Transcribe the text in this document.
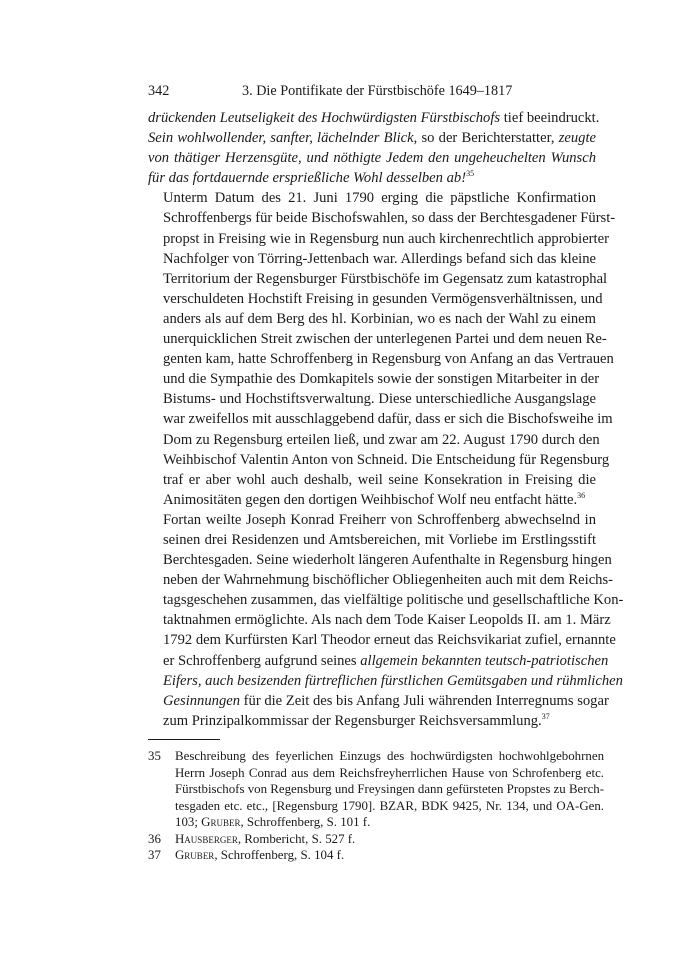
342	3. Die Pontifikate der Fürstbischöfe 1649–1817

drückenden Leutseligkeit des Hochwürdigsten Fürstbischofs tief beeindruckt.
Sein wohlwollender, sanfter, lächelnder Blick, so der Berichterstatter, zeugte
von thätiger Herzensgüte, und nöthigte Jedem den ungeheuchelten Wunsch
für das fortdauernde ersprießliche Wohl desselben ab!$^{35}$

Unterm Datum des 21. Juni 1790 erging die päpstliche Konfirmation
Schroffenbergs für beide Bischofswahlen, so dass der Berchtesgadener Fürst-
propst in Freising wie in Regensburg nun auch kirchenrechtlich approbierter
Nachfolger von Törring-Jettenbach war. Allerdings befand sich das kleine
Territorium der Regensburger Fürstbischöfe im Gegensatz zum katastrophal
verschuldeten Hochstift Freising in gesunden Vermögensverhältnissen, und
anders als auf dem Berg des hl. Korbinian, wo es nach der Wahl zu einem
unerquicklichen Streit zwischen der unterlegenen Partei und dem neuen Re-
genten kam, hatte Schroffenberg in Regensburg von Anfang an das Vertrauen
und die Sympathie des Domkapitels sowie der sonstigen Mitarbeiter in der
Bistums- und Hochstiftsverwaltung. Diese unterschiedliche Ausgangslage
war zweifellos mit ausschlaggebend dafür, dass er sich die Bischofsweihe im
Dom zu Regensburg erteilen ließ, und zwar am 22. August 1790 durch den
Weihbischof Valentin Anton von Schneid. Die Entscheidung für Regensburg
traf er aber wohl auch deshalb, weil seine Konsekration in Freising die
Animositäten gegen den dortigen Weihbischof Wolf neu entfacht hätte.$^{36}$

Fortan weilte Joseph Konrad Freiherr von Schroffenberg abwechselnd in
seinen drei Residenzen und Amtsbereichen, mit Vorliebe im Erstlingsstift
Berchtesgaden. Seine wiederholt längeren Aufenthalte in Regensburg hingen
neben der Wahrnehmung bischöflicher Obliegenheiten auch mit dem Reichs-
tagsgeschehen zusammen, das vielfältige politische und gesellschaftliche Kon-
taktnahmen ermöglichte. Als nach dem Tode Kaiser Leopolds II. am 1. März
1792 dem Kurfürsten Karl Theodor erneut das Reichsvikariat zufiel, ernannte
er Schroffenberg aufgrund seines allgemein bekannten teutsch-patriotischen
Eifers, auch besizenden fürtreflichen fürstlichen Gemütsgaben und rühmlichen
Gesinnungen für die Zeit des bis Anfang Juli währenden Interregnums sogar
zum Prinzipalkommissar der Regensburger Reichsversammlung.$^{37}$

35	Beschreibung des feyerlichen Einzugs des hochwürdigsten hochwohlgebohrnen
Herrn Joseph Conrad aus dem Reichsfreyherrlichen Hause von Schrofenberg etc.
Fürstbischofs von Regensburg und Freysingen dann gefürsteten Propstes zu Berch-
tesgaden etc. etc., [Regensburg 1790]. BZAR, BDK 9425, Nr. 134, und OA-Gen.
103; Gruber, Schroffenberg, S. 101 f.
36	Hausberger, Rombericht, S. 527 f.
37	Gruber, Schroffenberg, S. 104 f.
